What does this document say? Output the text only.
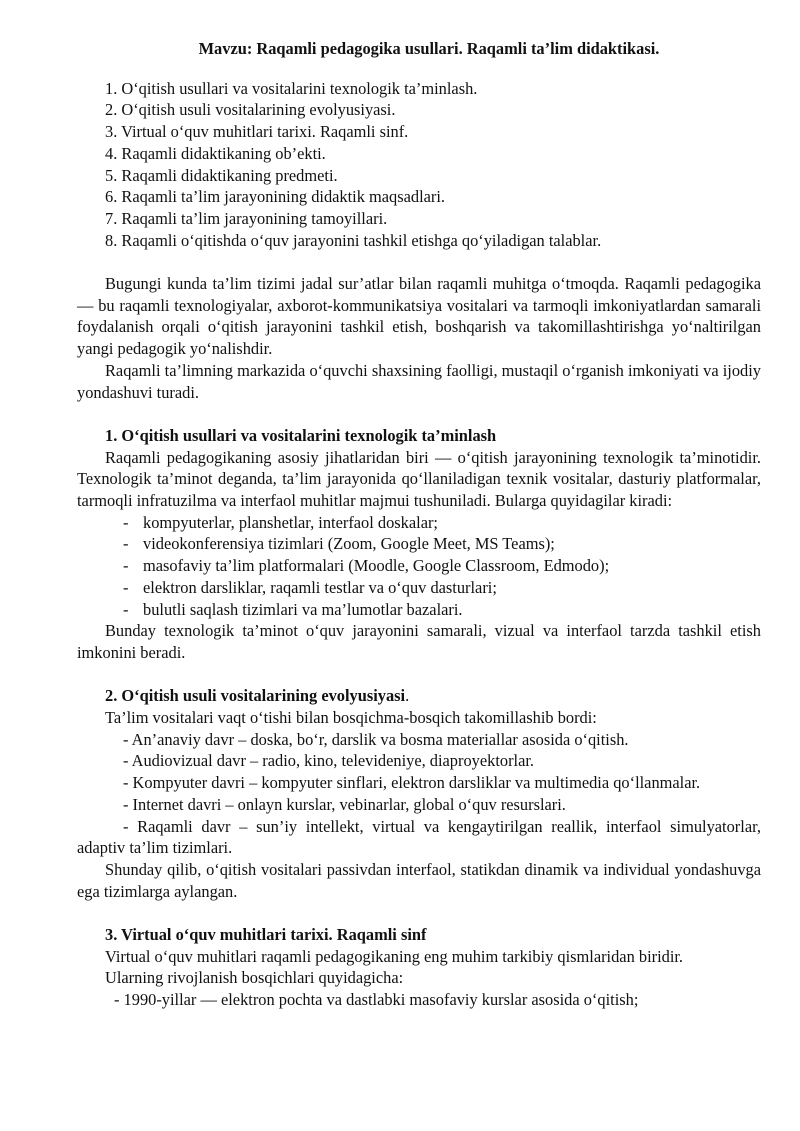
Mavzu: Raqamli pedagogika usullari. Raqamli ta’lim didaktikasi.
1. O‘qitish usullari va vositalarini texnologik ta’minlash.
2. O‘qitish usuli vositalarining evolyusiyasi.
3. Virtual o‘quv muhitlari tarixi. Raqamli sinf.
4. Raqamli didaktikaning ob’ekti.
5. Raqamli didaktikaning predmeti.
6. Raqamli ta’lim jarayonining didaktik maqsadlari.
7. Raqamli ta’lim jarayonining tamoyillari.
8. Raqamli o‘qitishda o‘quv jarayonini tashkil etishga qo‘yiladigan talablar.

Bugungi kunda ta’lim tizimi jadal sur’atlar bilan raqamli muhitga o‘tmoqda. Raqamli pedagogika — bu raqamli texnologiyalar, axborot-kommunikatsiya vositalari va tarmoqli imkoniyatlardan samarali foydalanish orqali o‘qitish jarayonini tashkil etish, boshqarish va takomillashtirishga yo‘naltirilgan yangi pedagogik yo‘nalishdir.

Raqamli ta’limning markazida o‘quvchi shaxsining faolligi, mustaqil o‘rganish imkoniyati va ijodiy yondashuvi turadi.

1. O‘qitish usullari va vositalarini texnologik ta’minlash

Raqamli pedagogikaning asosiy jihatlaridan biri — o‘qitish jarayonining texnologik ta’minotidir. Texnologik ta’minot deganda, ta’lim jarayonida qo‘llaniladigan texnik vositalar, dasturiy platformalar, tarmoqli infratuzilma va interfaol muhitlar majmui tushuniladi. Bularga quyidagilar kiradi:

- kompyuterlar, planshetlar, interfaol doskalar;
- videokonferensiya tizimlari (Zoom, Google Meet, MS Teams);
- masofaviy ta’lim platformalari (Moodle, Google Classroom, Edmodo);
- elektron darsliklar, raqamli testlar va o‘quv dasturlari;
- bulutli saqlash tizimlari va ma’lumotlar bazalari.

Bunday texnologik ta’minot o‘quv jarayonini samarali, vizual va interfaol tarzda tashkil etish imkonini beradi.

2. O‘qitish usuli vositalarining evolyusiyasi.

Ta’lim vositalari vaqt o‘tishi bilan bosqichma-bosqich takomillashib bordi:

- An’anaviy davr – doska, bo‘r, darslik va bosma materiallar asosida o‘qitish.

- Audiovizual davr – radio, kino, televideniye, diaproyektorlar.

- Kompyuter davri – kompyuter sinflari, elektron darsliklar va multimedia qo‘llanmalar.

- Internet davri – onlayn kurslar, vebinarlar, global o‘quv resurslari.

- Raqamli davr – sun’iy intellekt, virtual va kengaytirilgan reallik, interfaol simulyatorlar, adaptiv ta’lim tizimlari.

Shunday qilib, o‘qitish vositalari passivdan interfaol, statikdan dinamik va individual yondashuvga ega tizimlarga aylangan.

3. Virtual o‘quv muhitlari tarixi. Raqamli sinf

Virtual o‘quv muhitlari raqamli pedagogikaning eng muhim tarkibiy qismlaridan biridir.

Ularning rivojlanish bosqichlari quyidagicha:

- 1990-yillar — elektron pochta va dastlabki masofaviy kurslar asosida o‘qitish;
